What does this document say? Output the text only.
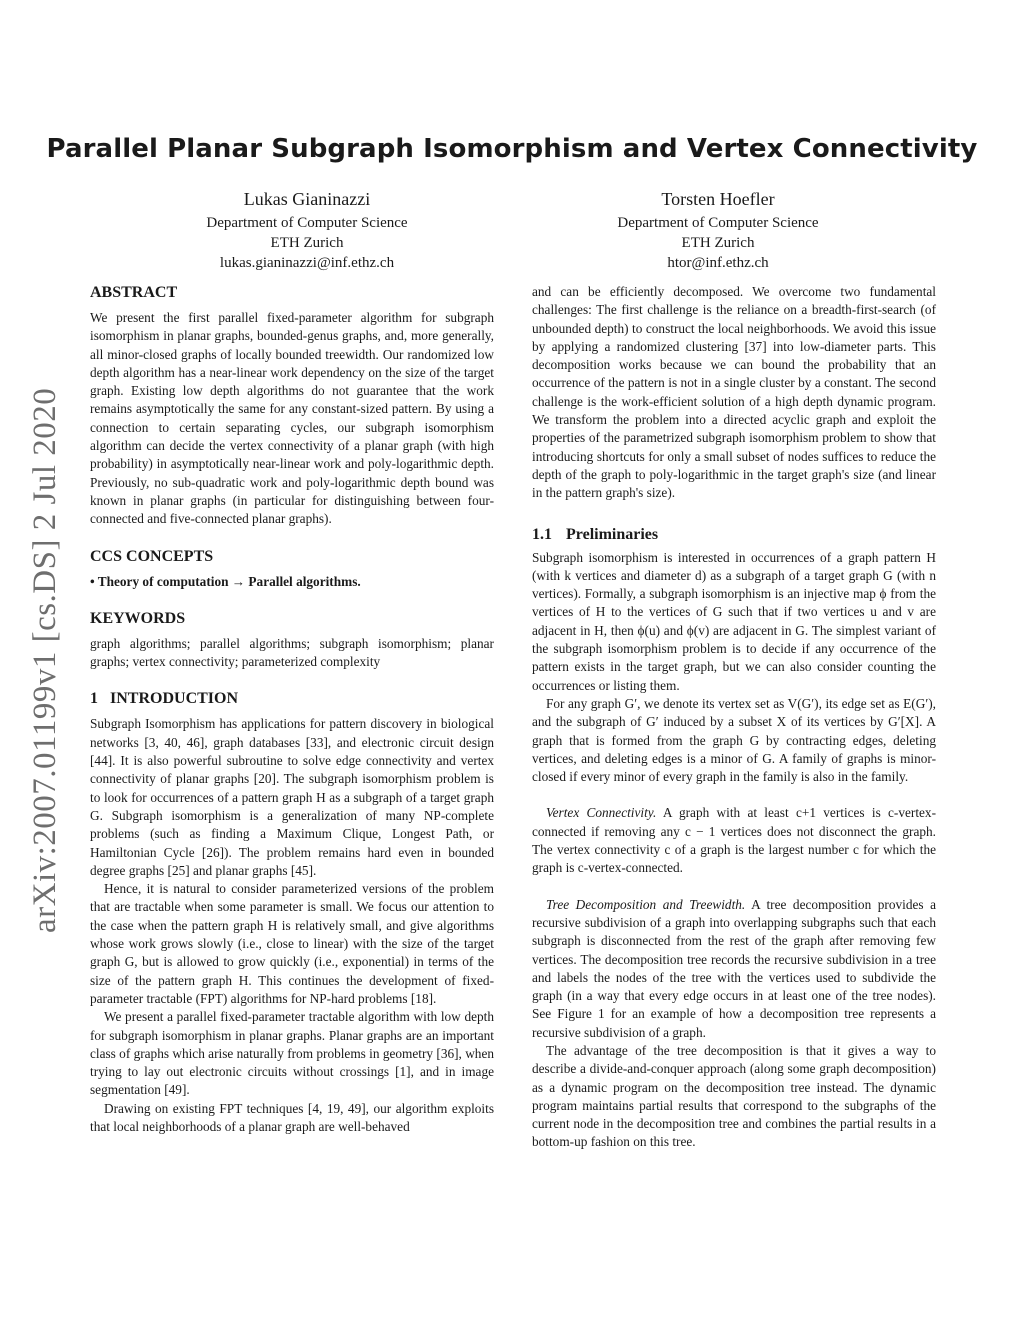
arXiv:2007.01199v1 [cs.DS] 2 Jul 2020
Parallel Planar Subgraph Isomorphism and Vertex Connectivity
Lukas Gianinazzi
Department of Computer Science
ETH Zurich
lukas.gianinazzi@inf.ethz.ch
Torsten Hoefler
Department of Computer Science
ETH Zurich
htor@inf.ethz.ch
ABSTRACT

We present the first parallel fixed-parameter algorithm for subgraph isomorphism in planar graphs, bounded-genus graphs, and, more generally, all minor-closed graphs of locally bounded treewidth. Our randomized low depth algorithm has a near-linear work dependency on the size of the target graph. Existing low depth algorithms do not guarantee that the work remains asymptotically the same for any constant-sized pattern. By using a connection to certain separating cycles, our subgraph isomorphism algorithm can decide the vertex connectivity of a planar graph (with high probability) in asymptotically near-linear work and poly-logarithmic depth. Previously, no sub-quadratic work and poly-logarithmic depth bound was known in planar graphs (in particular for distinguishing between four-connected and five-connected planar graphs).

CCS CONCEPTS

• Theory of computation → Parallel algorithms.

KEYWORDS

graph algorithms; parallel algorithms; subgraph isomorphism; planar graphs; vertex connectivity; parameterized complexity

1 INTRODUCTION

Subgraph Isomorphism has applications for pattern discovery in biological networks [3, 40, 46], graph databases [33], and electronic circuit design [44]. It is also powerful subroutine to solve edge connectivity and vertex connectivity of planar graphs [20]. The subgraph isomorphism problem is to look for occurrences of a pattern graph H as a subgraph of a target graph G. Subgraph isomorphism is a generalization of many NP-complete problems (such as finding a Maximum Clique, Longest Path, or Hamiltonian Cycle [26]). The problem remains hard even in bounded degree graphs [25] and planar graphs [45].

Hence, it is natural to consider parameterized versions of the problem that are tractable when some parameter is small. We focus our attention to the case when the pattern graph H is relatively small, and give algorithms whose work grows slowly (i.e., close to linear) with the size of the target graph G, but is allowed to grow quickly (i.e., exponential) in terms of the size of the pattern graph H. This continues the development of fixed-parameter tractable (FPT) algorithms for NP-hard problems [18].

We present a parallel fixed-parameter tractable algorithm with low depth for subgraph isomorphism in planar graphs. Planar graphs are an important class of graphs which arise naturally from problems in geometry [36], when trying to lay out electronic circuits without crossings [1], and in image segmentation [49].

Drawing on existing FPT techniques [4, 19, 49], our algorithm exploits that local neighborhoods of a planar graph are well-behaved

and can be efficiently decomposed. We overcome two fundamental challenges: The first challenge is the reliance on a breadth-first-search (of unbounded depth) to construct the local neighborhoods. We avoid this issue by applying a randomized clustering [37] into low-diameter parts. This decomposition works because we can bound the probability that an occurrence of the pattern is not in a single cluster by a constant. The second challenge is the work-efficient solution of a high depth dynamic program. We transform the problem into a directed acyclic graph and exploit the properties of the parametrized subgraph isomorphism problem to show that introducing shortcuts for only a small subset of nodes suffices to reduce the depth of the graph to poly-logarithmic in the target graph's size (and linear in the pattern graph's size).

1.1 Preliminaries

Subgraph isomorphism is interested in occurrences of a graph pattern H (with k vertices and diameter d) as a subgraph of a target graph G (with n vertices). Formally, a subgraph isomorphism is an injective map ϕ from the vertices of H to the vertices of G such that if two vertices u and v are adjacent in H, then ϕ(u) and ϕ(v) are adjacent in G. The simplest variant of the subgraph isomorphism problem is to decide if any occurrence of the pattern exists in the target graph, but we can also consider counting the occurrences or listing them.

For any graph G′, we denote its vertex set as V(G′), its edge set as E(G′), and the subgraph of G′ induced by a subset X of its vertices by G′[X]. A graph that is formed from the graph G by contracting edges, deleting vertices, and deleting edges is a minor of G. A family of graphs is minor-closed if every minor of every graph in the family is also in the family.

Vertex Connectivity. A graph with at least c+1 vertices is c-vertex-connected if removing any c − 1 vertices does not disconnect the graph. The vertex connectivity c of a graph is the largest number c for which the graph is c-vertex-connected.

Tree Decomposition and Treewidth. A tree decomposition provides a recursive subdivision of a graph into overlapping subgraphs such that each subgraph is disconnected from the rest of the graph after removing few vertices. The decomposition tree records the recursive subdivision in a tree and labels the nodes of the tree with the vertices used to subdivide the graph (in a way that every edge occurs in at least one of the tree nodes). See Figure 1 for an example of how a decomposition tree represents a recursive subdivision of a graph.

The advantage of the tree decomposition is that it gives a way to describe a divide-and-conquer approach (along some graph decomposition) as a dynamic program on the decomposition tree instead. The dynamic program maintains partial results that correspond to the subgraphs of the current node in the decomposition tree and combines the partial results in a bottom-up fashion on this tree.
